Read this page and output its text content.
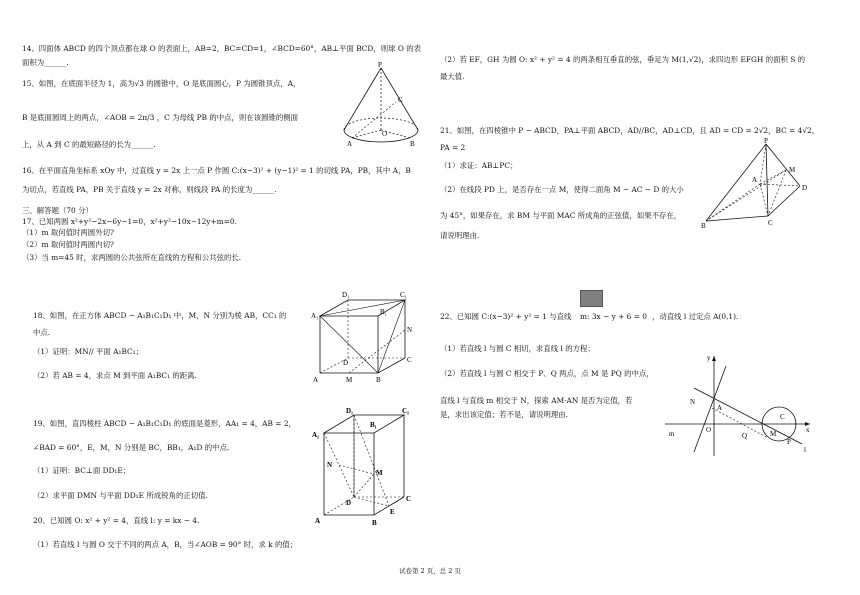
14、四面体 ABCD 的四个顶点都在球 O 的表面上，AB=2，BC=CD=1，∠BCD=60°，AB⊥平面 BCD，则球 O 的表
面积为______.
15、如图，在底面半径为 1，高为√3 的圆锥中，O 是底面圆心，P 为圆锥顶点，A，
B 是底面圆周上的两点，∠AOB = 2π/3 ，C 为母线 PB 的中点，则在该圆锥的侧面
上，从 A 到 C 的最短路径的长为______.
16、在平面直角坐标系 xOy 中，过直线 y = 2x 上一点 P 作圆 C:(x−3)² + (y−1)² = 1 的切线 PA，PB，其中 A，B
为切点，若直线 PA，PB 关于直线 y = 2x 对称，则线段 PA 的长度为______.
三、解答题（70 分）
17、已知两圆 x²+y²−2x−6y−1=0，x²+y²−10x−12y+m=0.
（1）m 取何值时两圆外切?
（2）m 取何值时两圆内切?
（3）当 m=45 时，求两圆的公共弦所在直线的方程和公共弦的长.
18、如图，在正方体 ABCD − A₁B₁C₁D₁ 中，M，N 分别为棱 AB，CC₁ 的
中点.
（1）证明：MN// 平面 A₁BC₁；
（2）若 AB = 4，求点 M 到平面 A₁BC₁ 的距离.
19、如图，直四棱柱 ABCD − A₁B₁C₁D₁ 的底面是菱形，AA₁ = 4，AB = 2，
∠BAD = 60°，E，M，N 分别是 BC，BB₁，A₁D 的中点.
（1）证明：BC⊥面 DD₁E；
（2）求平面 DMN 与平面 DD₁E 所成锐角的正切值.
20、已知圆 O: x² + y² = 4，直线 l: y = kx − 4.
（1）若直线 l 与圆 O 交于不同的两点 A，B，当∠AOB = 90° 时，求 k 的值；
（2）若 EF，GH 为圆 O: x² + y² = 4 的两条相互垂直的弦，垂足为 M(1,√2)，求四边形 EFGH 的面积 S 的
最大值.
21、如图，在四棱锥中 P − ABCD，PA⊥平面 ABCD，AD//BC，AD⊥CD，且 AD = CD = 2√2，BC = 4√2，
PA = 2
（1）求证：AB⊥PC；
（2）在线段 PD 上，是否存在一点 M，使得二面角 M − AC − D 的大小
为 45°，如果存在，求 BM 与平面 MAC 所成角的正弦值，如果不存在，
请说明理由.
22、已知圆 C:(x−3)² + y² = 1 与直线 m: 3x − y + 6 = 0 ，动直线 l 过定点 A(0,1).
（1）若直线 l 与圆 C 相切，求直线 l 的方程；
（2）若直线 l 与圆 C 相交于 P、Q 两点，点 M 是 PQ 的中点，
直线 l 与直线 m 相交于 N，探索 AM·AN 是否为定值，若
是，求出该定值；若不是，请说明理由.
P
C
O
A	B
D₁	C₁
A₁	B₁
N
D	C
A	M	B
D₁	C₁
A₁
B₁
M
N
D	C
A
E
B
P
M
A
D
B	C
y
x
O
A
N
m	Q	M
P
C
l
试卷第 2 页，总 2 页
